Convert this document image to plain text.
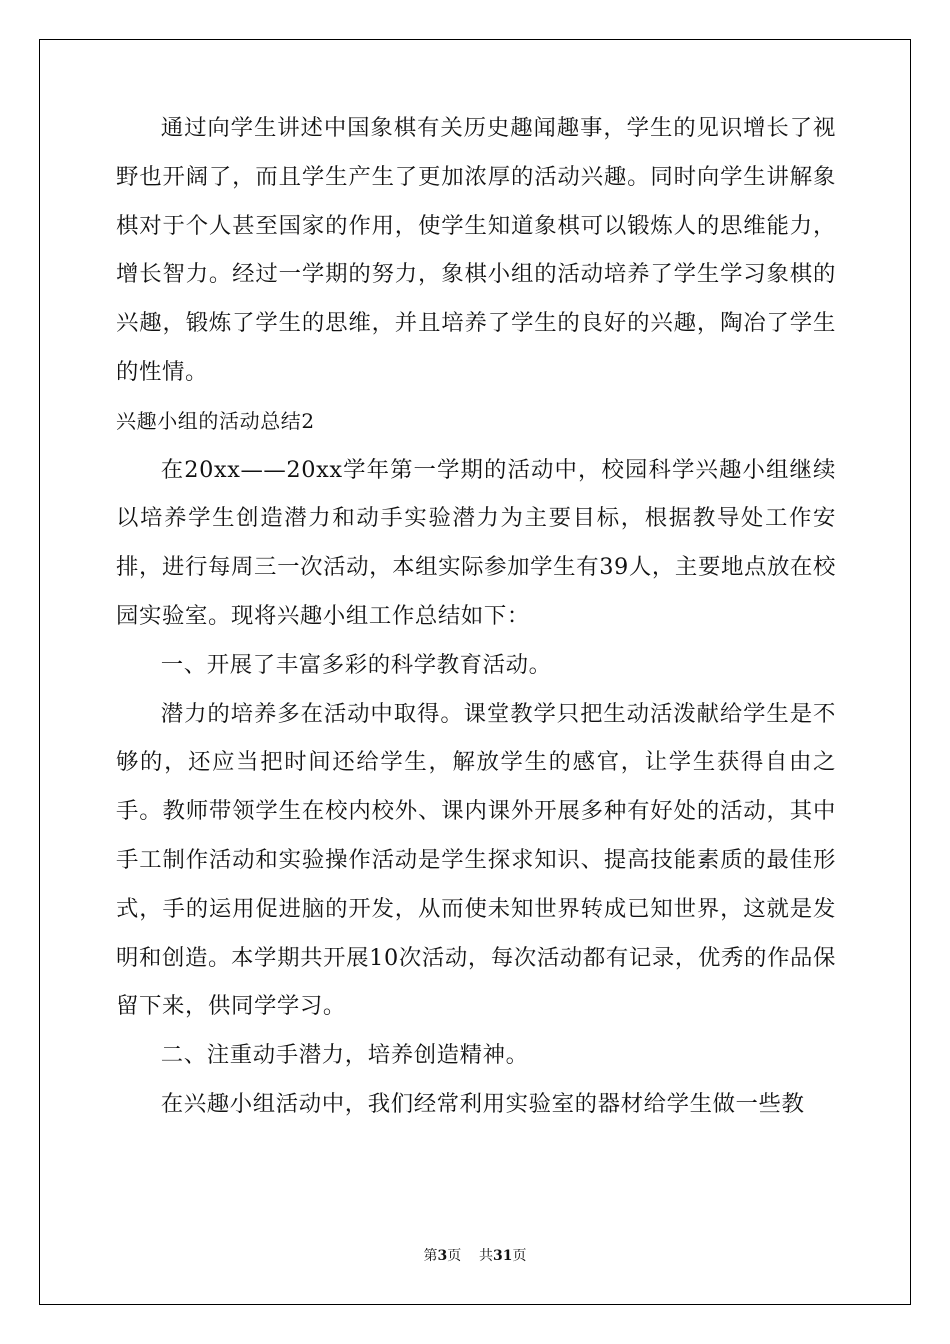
通过向学生讲述中国象棋有关历史趣闻趣事，学生的见识增长了视野也开阔了，而且学生产生了更加浓厚的活动兴趣。同时向学生讲解象棋对于个人甚至国家的作用，使学生知道象棋可以锻炼人的思维能力，增长智力。经过一学期的努力，象棋小组的活动培养了学生学习象棋的兴趣，锻炼了学生的思维，并且培养了学生的良好的兴趣，陶冶了学生的性情。

兴趣小组的活动总结2

在20xx——20xx学年第一学期的活动中，校园科学兴趣小组继续以培养学生创造潜力和动手实验潜力为主要目标，根据教导处工作安排，进行每周三一次活动，本组实际参加学生有39人，主要地点放在校园实验室。现将兴趣小组工作总结如下：

一、开展了丰富多彩的科学教育活动。

潜力的培养多在活动中取得。课堂教学只把生动活泼献给学生是不够的，还应当把时间还给学生，解放学生的感官，让学生获得自由之手。教师带领学生在校内校外、课内课外开展多种有好处的活动，其中手工制作活动和实验操作活动是学生探求知识、提高技能素质的最佳形式，手的运用促进脑的开发，从而使未知世界转成已知世界，这就是发明和创造。本学期共开展10次活动，每次活动都有记录，优秀的作品保留下来，供同学学习。

二、注重动手潜力，培养创造精神。

在兴趣小组活动中，我们经常利用实验室的器材给学生做一些教

第3页 共31页
